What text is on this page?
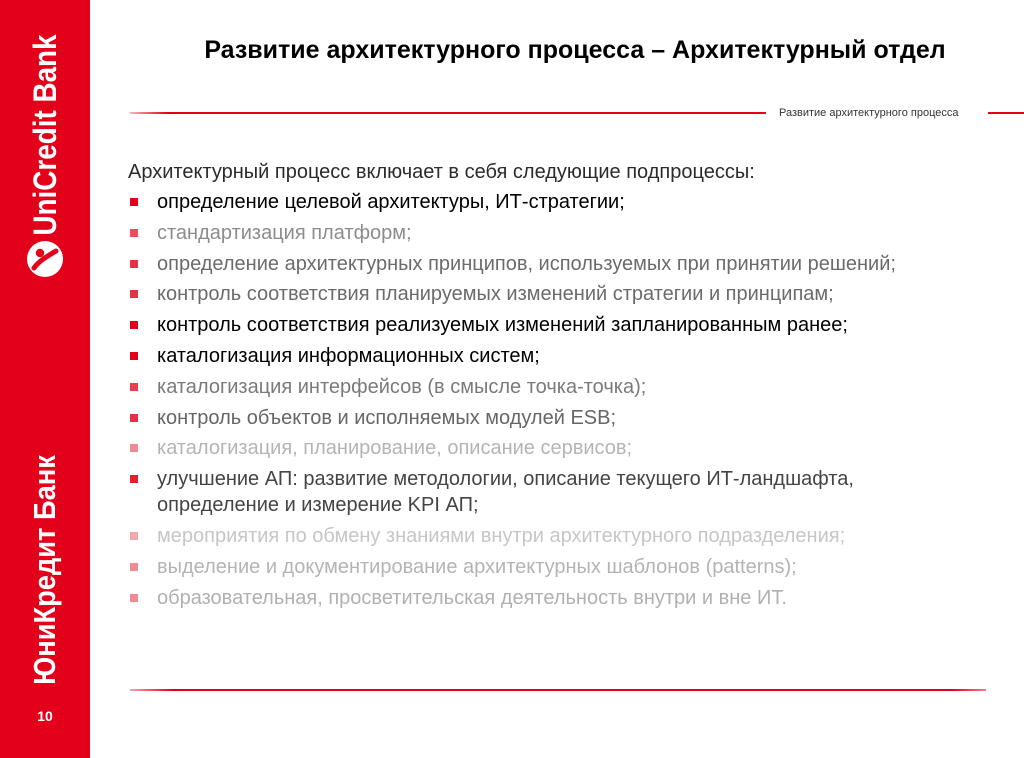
UniCredit Bank
ЮниКредит Банк
10
Развитие архитектурного процесса – Архитектурный отдел
Развитие архитектурного процесса
Архитектурный процесс включает в себя следующие подпроцессы:
определение целевой архитектуры, ИТ-стратегии;
стандартизация платформ;
определение архитектурных принципов, используемых при принятии решений;
контроль соответствия планируемых изменений стратегии и принципам;
контроль соответствия реализуемых изменений запланированным ранее;
каталогизация информационных систем;
каталогизация интерфейсов (в смысле точка-точка);
контроль объектов и исполняемых модулей ESB;
каталогизация, планирование, описание сервисов;
улучшение АП: развитие методологии, описание текущего ИТ-ландшафта,
определение и измерение KPI АП;
мероприятия по обмену знаниями внутри архитектурного подразделения;
выделение и документирование архитектурных шаблонов (patterns);
образовательная, просветительская деятельность внутри и вне ИТ.
